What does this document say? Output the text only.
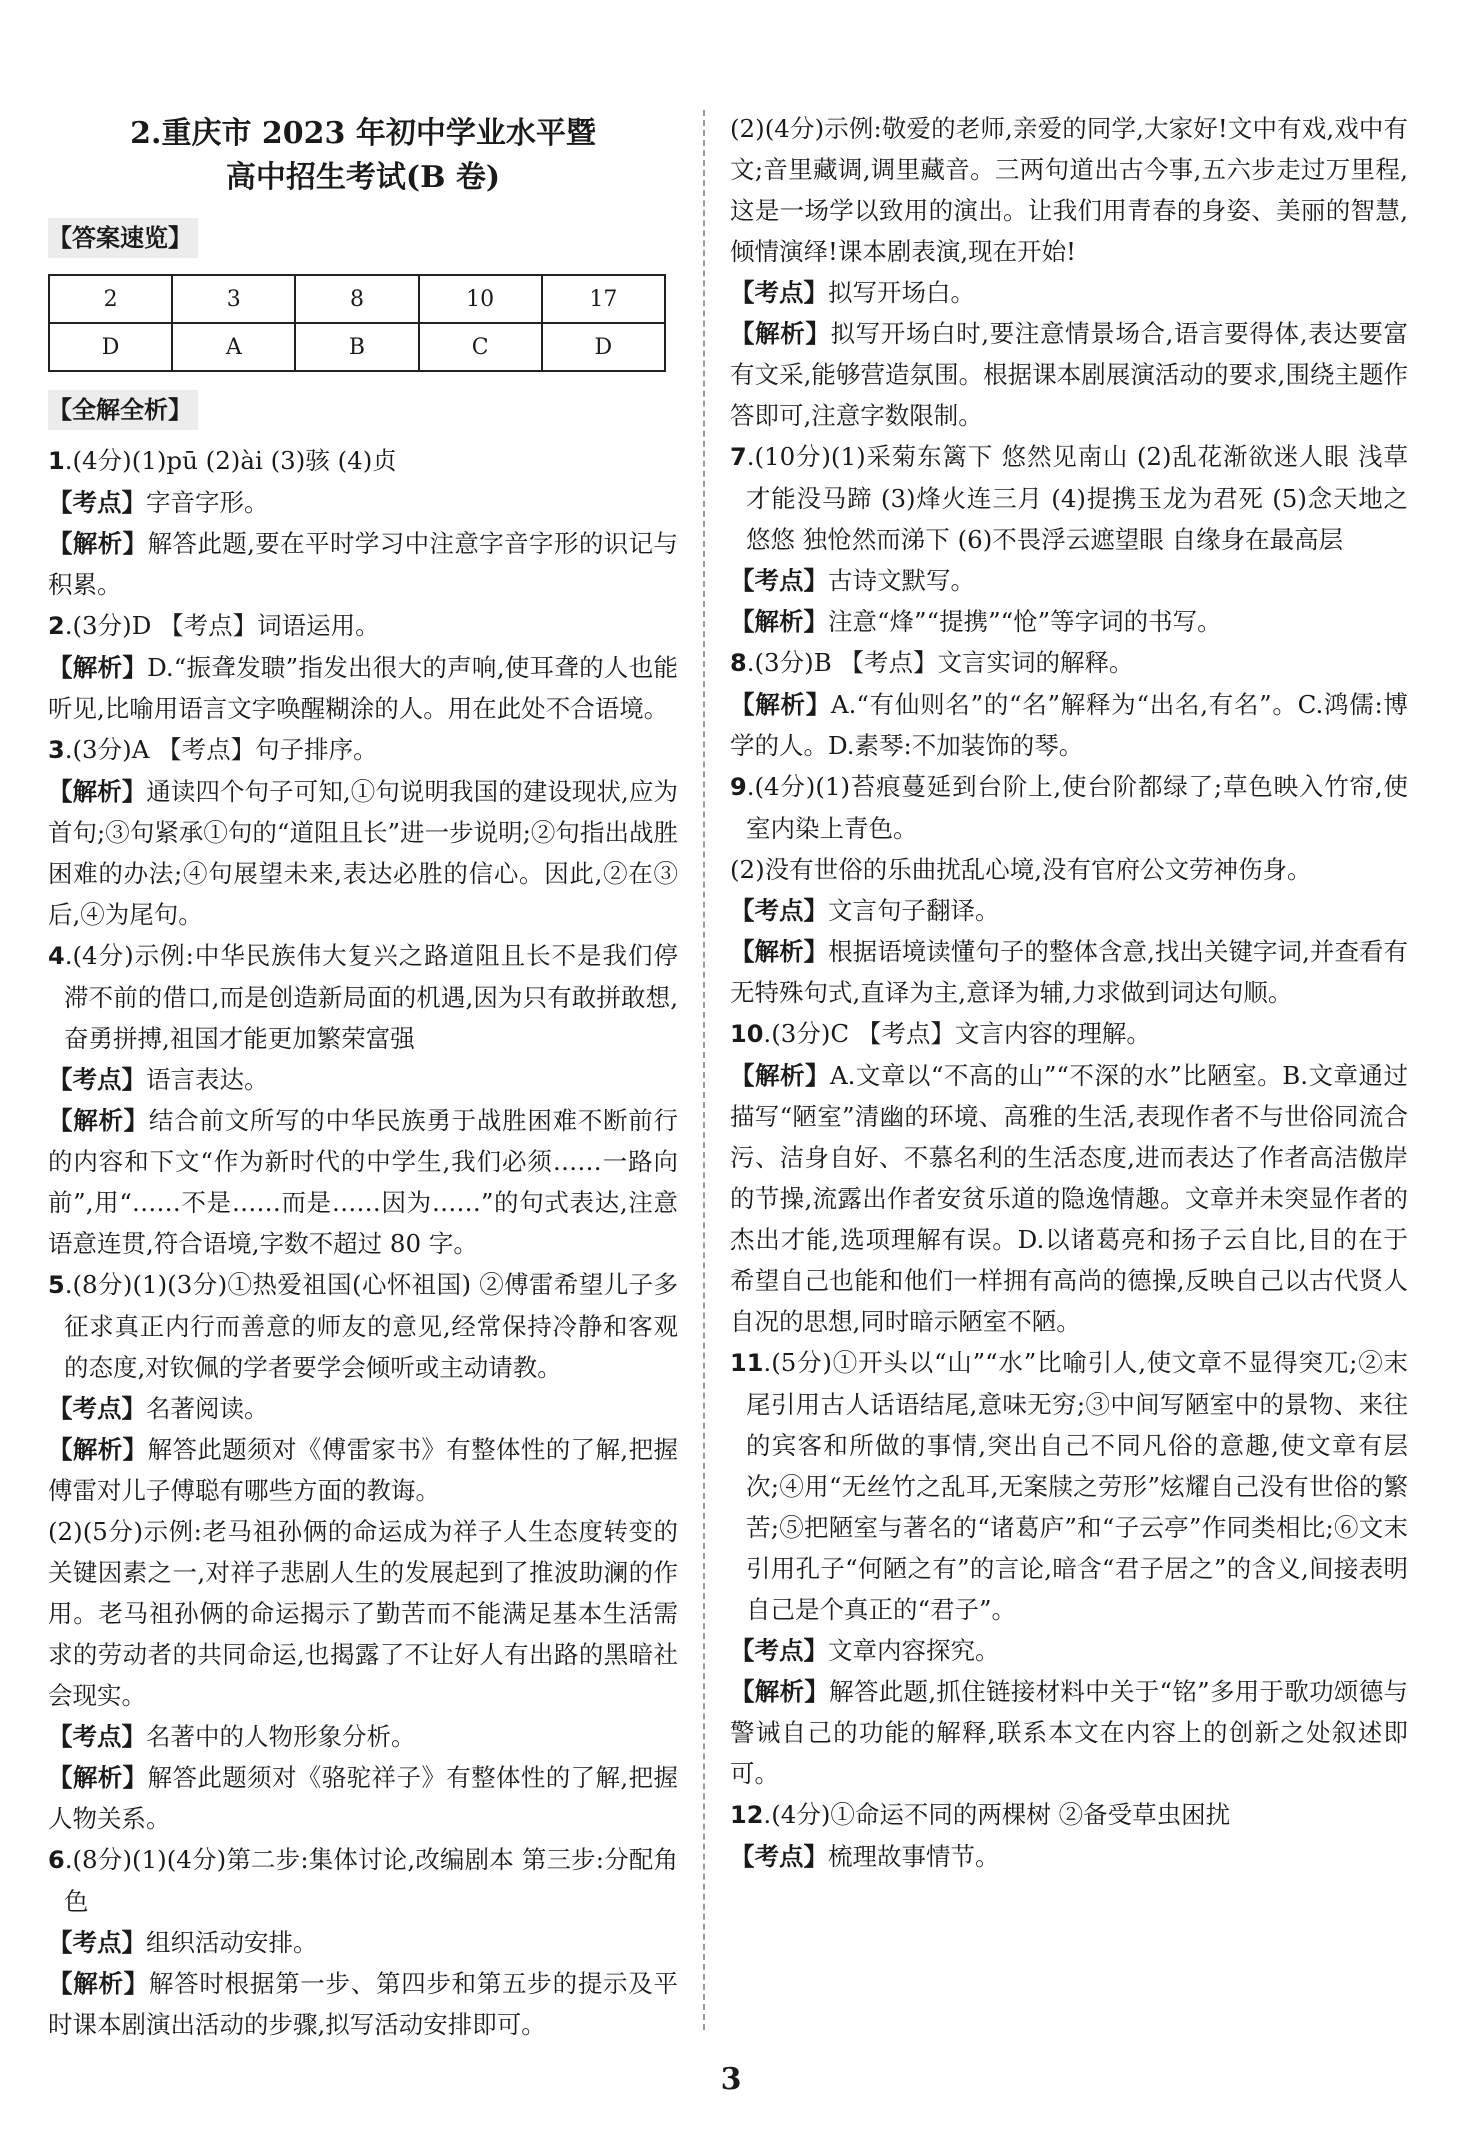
2.重庆市 2023 年初中学业水平暨

高中招生考试(B 卷)

【答案速览】
2	3	8	10	17
D	A	B	C	D
【全解全析】

1.(4分)(1)pū (2)ài (3)骇 (4)贞

【考点】字音字形。

【解析】解答此题,要在平时学习中注意字音字形的识记与积累。

2.(3分)D 【考点】词语运用。

【解析】D.“振聋发聩”指发出很大的声响,使耳聋的人也能听见,比喻用语言文字唤醒糊涂的人。用在此处不合语境。

3.(3分)A 【考点】句子排序。

【解析】通读四个句子可知,①句说明我国的建设现状,应为首句;③句紧承①句的“道阻且长”进一步说明;②句指出战胜困难的办法;④句展望未来,表达必胜的信心。因此,②在③后,④为尾句。

4.(4分)示例:中华民族伟大复兴之路道阻且长不是我们停滞不前的借口,而是创造新局面的机遇,因为只有敢拼敢想,奋勇拼搏,祖国才能更加繁荣富强

【考点】语言表达。

【解析】结合前文所写的中华民族勇于战胜困难不断前行的内容和下文“作为新时代的中学生,我们必须……一路向前”,用“……不是……而是……因为……”的句式表达,注意语意连贯,符合语境,字数不超过 80 字。

5.(8分)(1)(3分)①热爱祖国(心怀祖国) ②傅雷希望儿子多征求真正内行而善意的师友的意见,经常保持冷静和客观的态度,对钦佩的学者要学会倾听或主动请教。

【考点】名著阅读。

【解析】解答此题须对《傅雷家书》有整体性的了解,把握傅雷对儿子傅聪有哪些方面的教诲。

(2)(5分)示例:老马祖孙俩的命运成为祥子人生态度转变的关键因素之一,对祥子悲剧人生的发展起到了推波助澜的作用。老马祖孙俩的命运揭示了勤苦而不能满足基本生活需求的劳动者的共同命运,也揭露了不让好人有出路的黑暗社会现实。

【考点】名著中的人物形象分析。

【解析】解答此题须对《骆驼祥子》有整体性的了解,把握人物关系。

6.(8分)(1)(4分)第二步:集体讨论,改编剧本 第三步:分配角色

【考点】组织活动安排。

【解析】解答时根据第一步、第四步和第五步的提示及平时课本剧演出活动的步骤,拟写活动安排即可。

(2)(4分)示例:敬爱的老师,亲爱的同学,大家好!文中有戏,戏中有文;音里藏调,调里藏音。三两句道出古今事,五六步走过万里程,这是一场学以致用的演出。让我们用青春的身姿、美丽的智慧,倾情演绎!课本剧表演,现在开始!

【考点】拟写开场白。

【解析】拟写开场白时,要注意情景场合,语言要得体,表达要富有文采,能够营造氛围。根据课本剧展演活动的要求,围绕主题作答即可,注意字数限制。

7.(10分)(1)采菊东篱下 悠然见南山 (2)乱花渐欲迷人眼 浅草才能没马蹄 (3)烽火连三月 (4)提携玉龙为君死 (5)念天地之悠悠 独怆然而涕下 (6)不畏浮云遮望眼 自缘身在最高层

【考点】古诗文默写。

【解析】注意“烽”“提携”“怆”等字词的书写。

8.(3分)B 【考点】文言实词的解释。

【解析】A.“有仙则名”的“名”解释为“出名,有名”。C.鸿儒:博学的人。D.素琴:不加装饰的琴。

9.(4分)(1)苔痕蔓延到台阶上,使台阶都绿了;草色映入竹帘,使室内染上青色。

(2)没有世俗的乐曲扰乱心境,没有官府公文劳神伤身。

【考点】文言句子翻译。

【解析】根据语境读懂句子的整体含意,找出关键字词,并查看有无特殊句式,直译为主,意译为辅,力求做到词达句顺。

10.(3分)C 【考点】文言内容的理解。

【解析】A.文章以“不高的山”“不深的水”比陋室。B.文章通过描写“陋室”清幽的环境、高雅的生活,表现作者不与世俗同流合污、洁身自好、不慕名利的生活态度,进而表达了作者高洁傲岸的节操,流露出作者安贫乐道的隐逸情趣。文章并未突显作者的杰出才能,选项理解有误。D.以诸葛亮和扬子云自比,目的在于希望自己也能和他们一样拥有高尚的德操,反映自己以古代贤人自况的思想,同时暗示陋室不陋。

11.(5分)①开头以“山”“水”比喻引人,使文章不显得突兀;②末尾引用古人话语结尾,意味无穷;③中间写陋室中的景物、来往的宾客和所做的事情,突出自己不同凡俗的意趣,使文章有层次;④用“无丝竹之乱耳,无案牍之劳形”炫耀自己没有世俗的繁苦;⑤把陋室与著名的“诸葛庐”和“子云亭”作同类相比;⑥文末引用孔子“何陋之有”的言论,暗含“君子居之”的含义,间接表明自己是个真正的“君子”。

【考点】文章内容探究。

【解析】解答此题,抓住链接材料中关于“铭”多用于歌功颂德与警诫自己的功能的解释,联系本文在内容上的创新之处叙述即可。

12.(4分)①命运不同的两棵树 ②备受草虫困扰

【考点】梳理故事情节。

3
